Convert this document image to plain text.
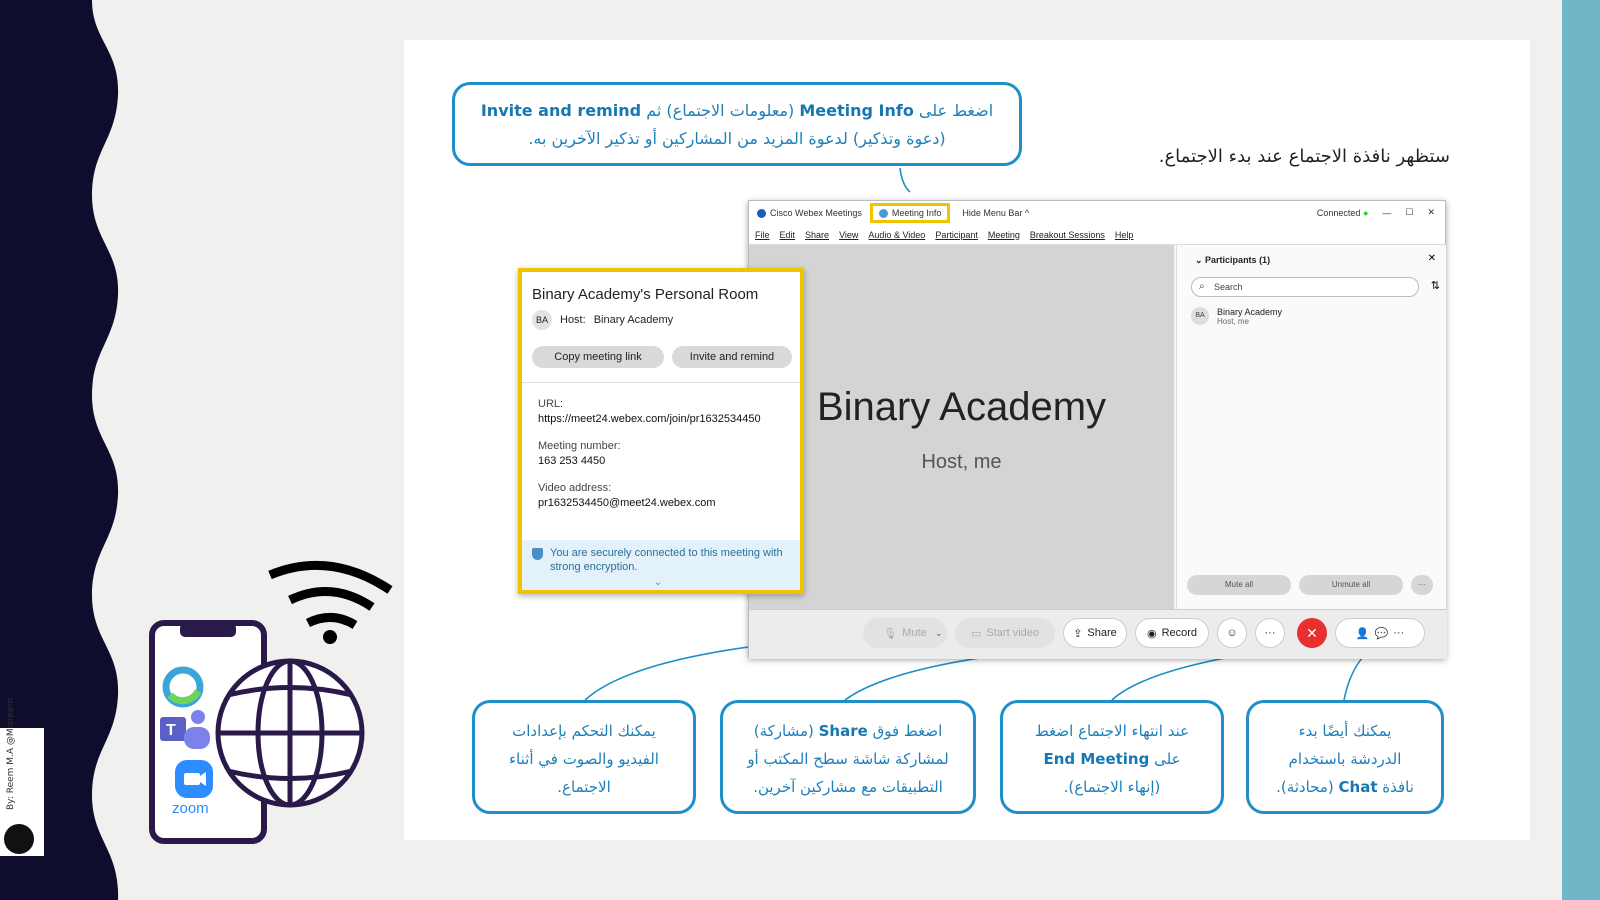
By: Reem M.A @Misreem	T
zoom
ستظهر نافذة الاجتماع عند بدء الاجتماع.
اضغط على Meeting Info (معلومات الاجتماع) ثم Invite and remind
(دعوة وتذكير) لدعوة المزيد من المشاركين أو تذكير الآخرين به.
Cisco Webex Meetings	Meeting Info Hide Menu Bar ^	Connected ● — ☐ ✕
File Edit Share View Audio & Video Participant Meeting Breakout Sessions Help
Binary Academy
Host, me
⌄ Participants (1)	✕
⌕ Search	⇅
BA	Binary Academy
Host, me
Mute all	Unmute all	···
🎙 Mute ⌄	▭ Start video	⇪ Share	◉ Record	☺	···	✕	👤 💬 ···
Binary Academy's Personal Room
BA	Host: Binary Academy
Copy meeting link	Invite and remind
URL:
https://meet24.webex.com/join/pr1632534450
Meeting number:
163 253 4450
Video address:
pr1632534450@meet24.webex.com
You are securely connected to this meeting with strong encryption.
⌄
يمكنك التحكم بإعدادات
الفيديو والصوت في أثناء
الاجتماع.
اضغط فوق Share (مشاركة)
لمشاركة شاشة سطح المكتب أو
التطبيقات مع مشاركين آخرين.
عند انتهاء الاجتماع اضغط
على End Meeting
(إنهاء الاجتماع).
يمكنك أيضًا بدء
الدردشة باستخدام
نافذة Chat (محادثة).
